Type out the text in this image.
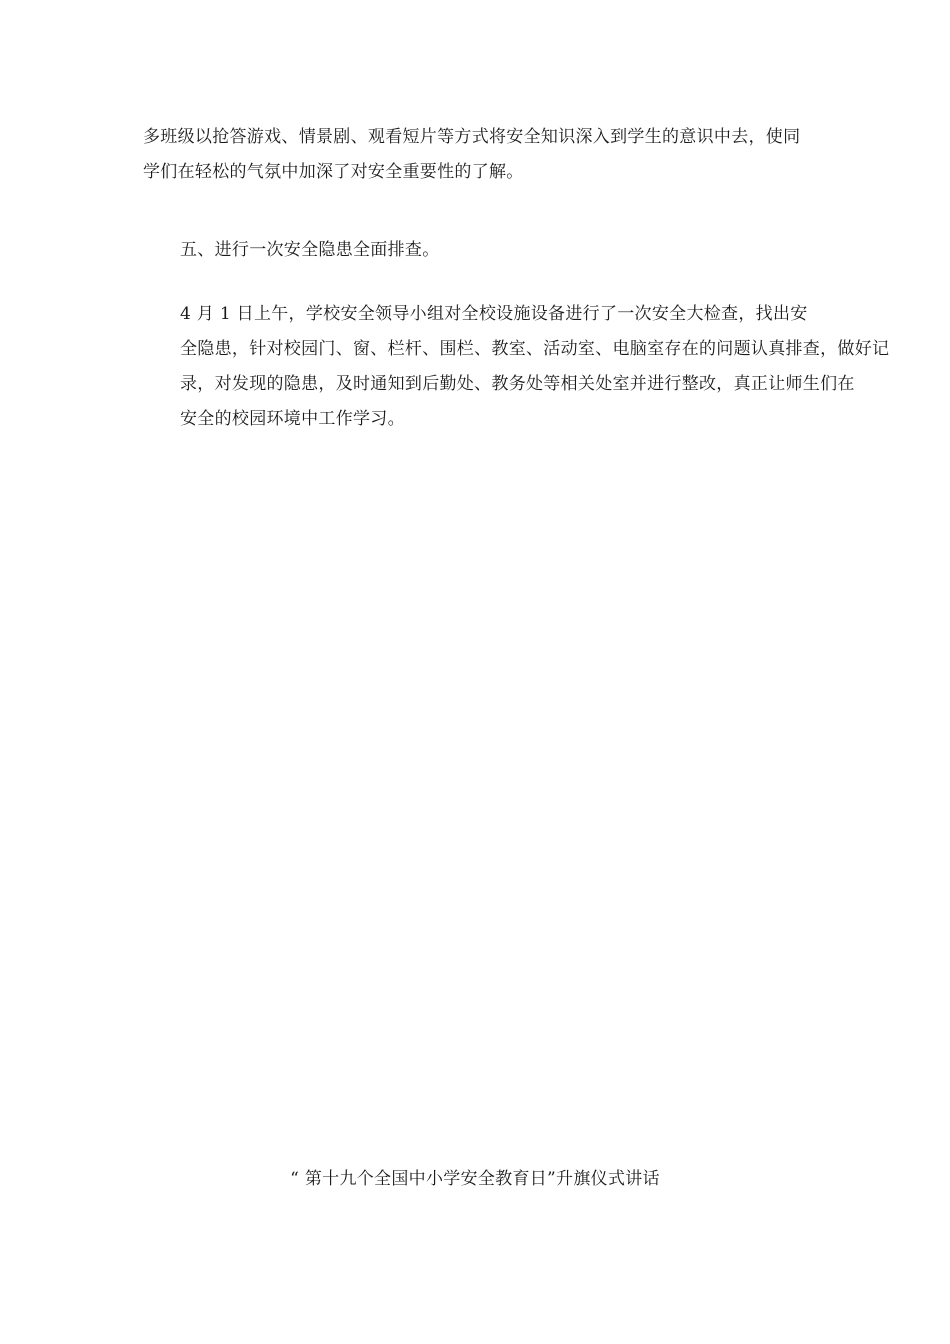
多班级以抢答游戏、情景剧、观看短片等方式将安全知识深入到学生的意识中去，使同
学们在轻松的气氛中加深了对安全重要性的了解。
五、进行一次安全隐患全面排查。
4 月 1 日上午，学校安全领导小组对全校设施设备进行了一次安全大检查，找出安
全隐患，针对校园门、窗、栏杆、围栏、教室、活动室、电脑室存在的问题认真排查，做好记
录，对发现的隐患，及时通知到后勤处、教务处等相关处室并进行整改，真正让师生们在
安全的校园环境中工作学习。
“ 第十九个全国中小学安全教育日”升旗仪式讲话
